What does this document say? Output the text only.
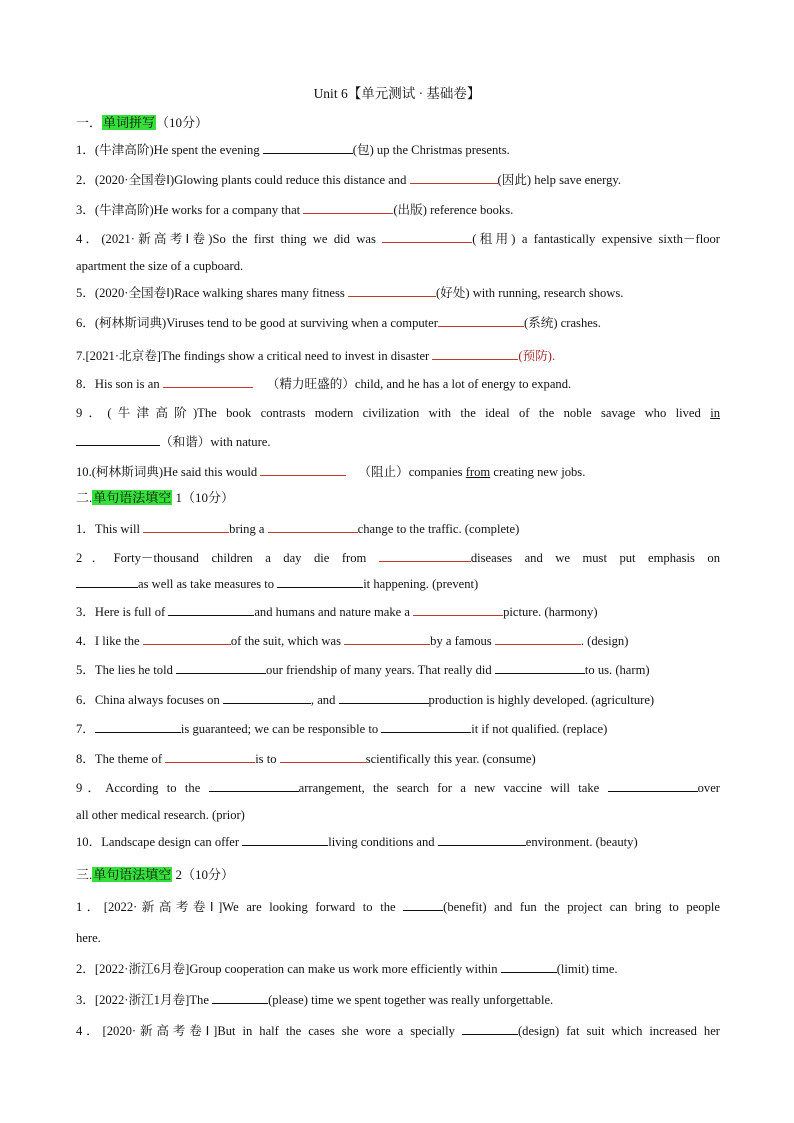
Unit 6【单元测试 · 基础卷】
一．单词拼写（10分）
1．(牛津高阶)He spent the evening	(包) up the Christmas presents.
2．(2020·全国卷Ⅰ)Glowing plants could reduce this distance and	(因此) help save energy.
3．(牛津高阶)He works for a company that	(出版) reference books.
4．(2021·新高考Ⅰ卷)So the first thing we did was	(租用) a fantastically expensive sixth－floor
apartment the size of a cupboard.
5．(2020·全国卷Ⅰ)Race walking shares many fitness	(好处) with running, research shows.
6．(柯林斯词典)Viruses tend to be good at surviving when a computer	(系统) crashes.
7.[2021·北京卷]The findings show a critical need to invest in disaster	(预防).
8．His son is an	（精力旺盛的）child, and he has a lot of energy to expand.
9．(牛津高阶)The book contrasts modern civilization with the ideal of the noble savage who lived in
（和谐）with nature.
10.(柯林斯词典)He said this would	（阻止）companies from creating new jobs.
二.单句语法填空 1（10分）
1．This will	bring a	change to the traffic. (complete)
2．Forty－thousand children a day die from	diseases and we must put emphasis on
as well as take measures to	it happening. (prevent)
3．Here is full of	and humans and nature make a	picture. (harmony)
4．I like the	of the suit, which was	by a famous	. (design)
5．The lies he told	our friendship of many years. That really did	to us. (harm)
6．China always focuses on	, and	production is highly developed. (agriculture)
7．	is guaranteed; we can be responsible to	it if not qualified. (replace)
8．The theme of	is to	scientifically this year. (consume)
9．According to the	arrangement, the search for a new vaccine will take	over
all other medical research. (prior)
10．Landscape design can offer	living conditions and	environment. (beauty)
三.单句语法填空 2（10分）
1．[2022·新高考卷Ⅰ]We are looking forward to the	(benefit) and fun the project can bring to people
here.
2．[2022·浙江6月卷]Group cooperation can make us work more efficiently within	(limit) time.
3．[2022·浙江1月卷]The	(please) time we spent together was really unforgettable.
4．[2020·新高考卷Ⅰ]But in half the cases she wore a specially	(design) fat suit which increased her
